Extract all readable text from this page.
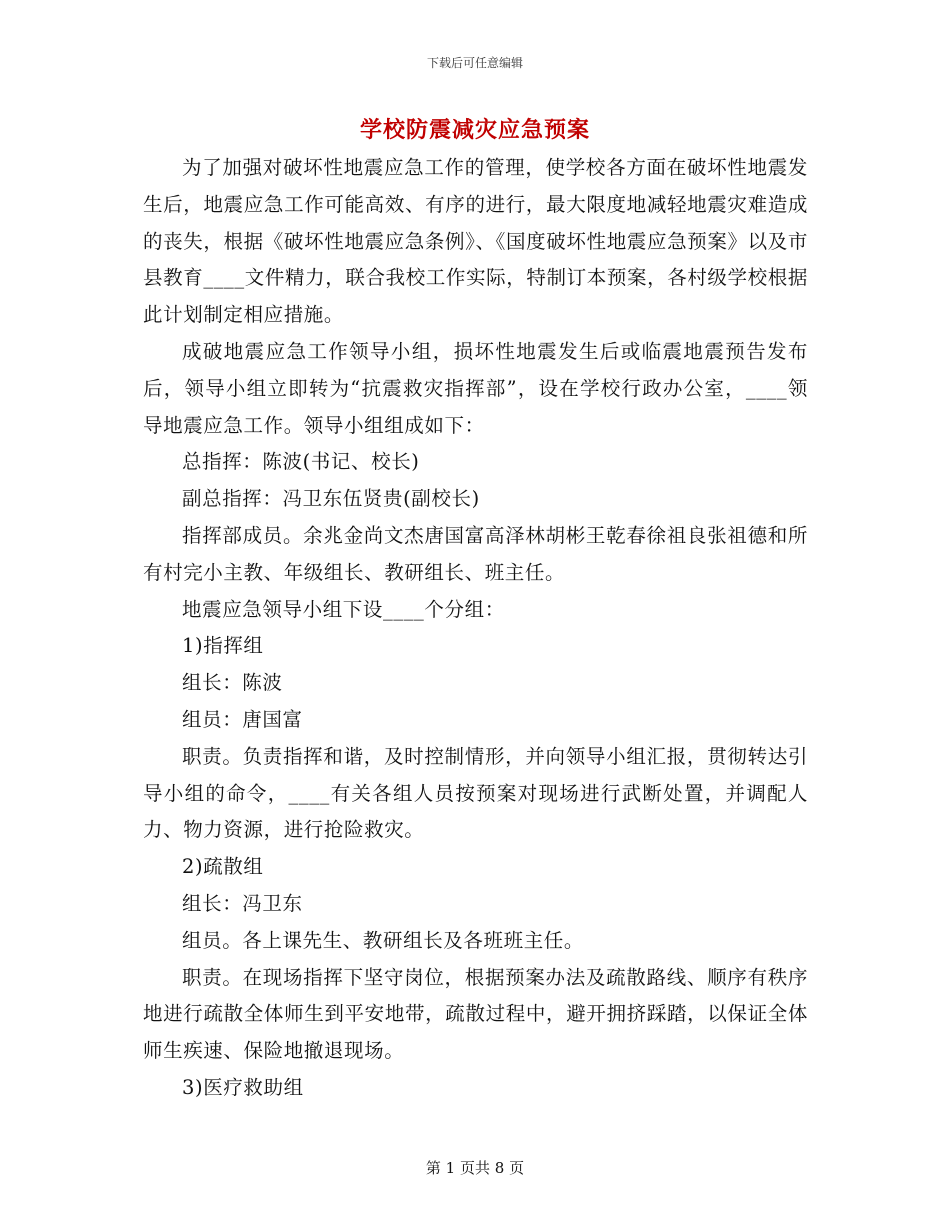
下载后可任意编辑
学校防震减灾应急预案

为了加强对破坏性地震应急工作的管理，使学校各方面在破坏性地震发生后，地震应急工作可能高效、有序的进行，最大限度地减轻地震灾难造成的丧失，根据《破坏性地震应急条例》、《国度破坏性地震应急预案》以及市县教育____文件精力，联合我校工作实际，特制订本预案，各村级学校根据此计划制定相应措施。

成破地震应急工作领导小组，损坏性地震发生后或临震地震预告发布后，领导小组立即转为“抗震救灾指挥部”，设在学校行政办公室，____领导地震应急工作。领导小组组成如下：

总指挥：陈波(书记、校长)

副总指挥：冯卫东伍贤贵(副校长)

指挥部成员。余兆金尚文杰唐国富高泽林胡彬王乾春徐祖良张祖德和所有村完小主教、年级组长、教研组长、班主任。

地震应急领导小组下设____个分组：

1)指挥组

组长：陈波

组员：唐国富

职责。负责指挥和谐，及时控制情形，并向领导小组汇报，贯彻转达引导小组的命令，____有关各组人员按预案对现场进行武断处置，并调配人力、物力资源，进行抢险救灾。

2)疏散组

组长：冯卫东

组员。各上课先生、教研组长及各班班主任。

职责。在现场指挥下坚守岗位，根据预案办法及疏散路线、顺序有秩序地进行疏散全体师生到平安地带，疏散过程中，避开拥挤踩踏，以保证全体师生疾速、保险地撤退现场。

3)医疗救助组

第 1 页共 8 页
